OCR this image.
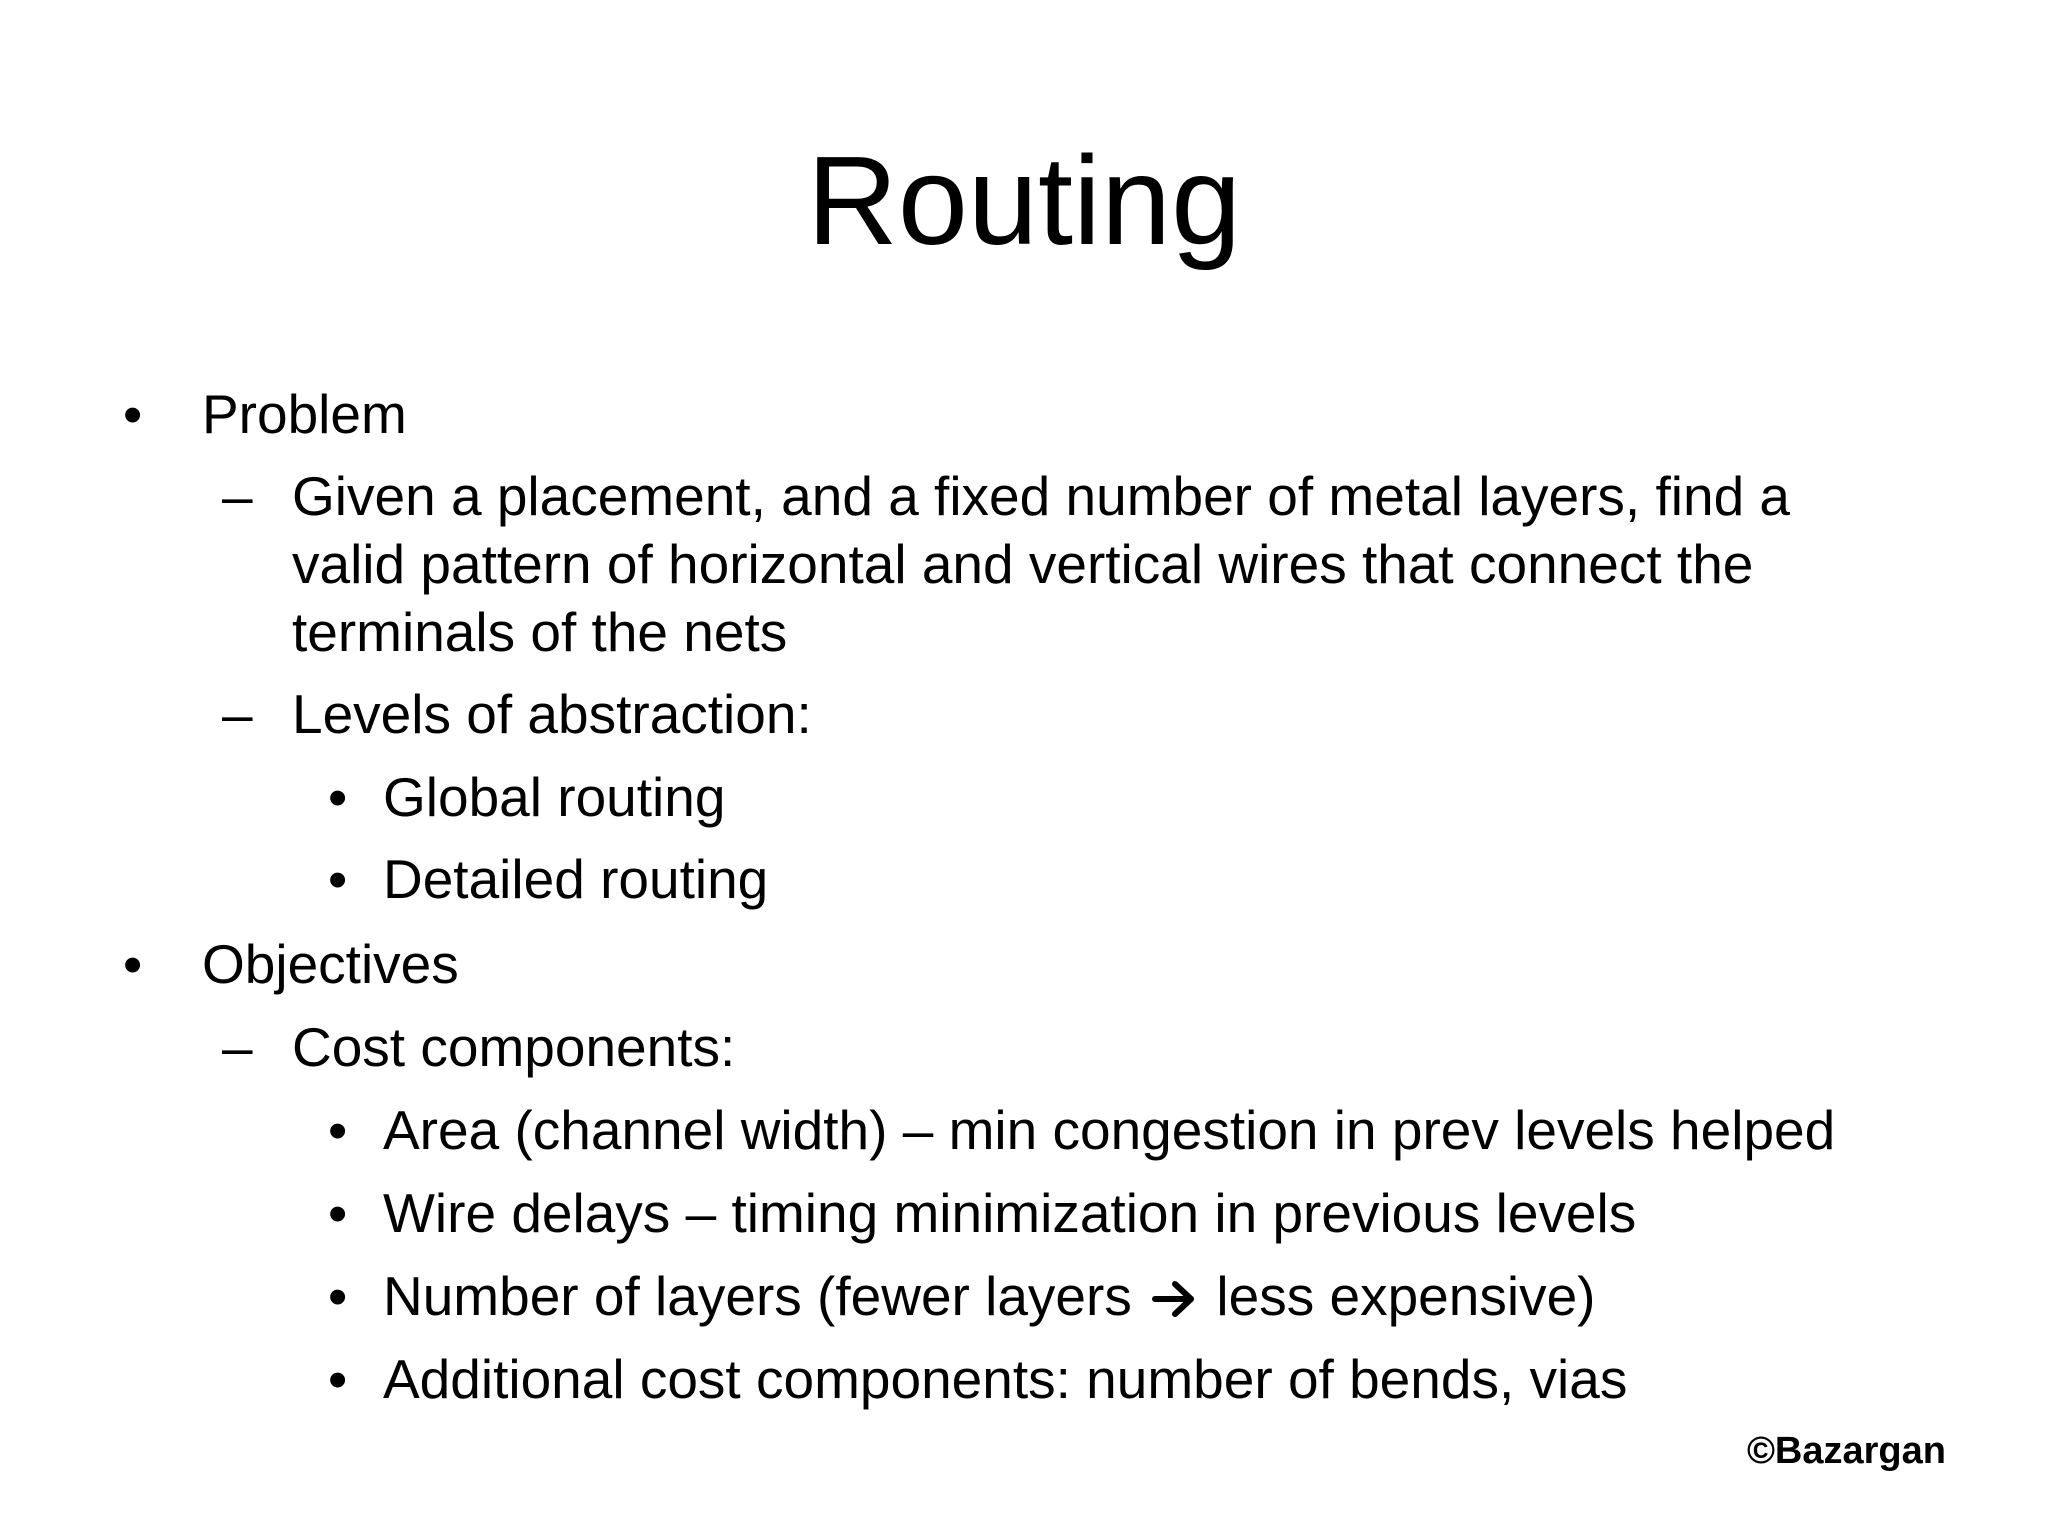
Routing
• Problem
– Given a placement, and a fixed number of metal layers, find a
valid pattern of horizontal and vertical wires that connect the
terminals of the nets
– Levels of abstraction:
• Global routing
• Detailed routing
• Objectives
– Cost components:
• Area (channel width) – min congestion in prev levels helped
• Wire delays – timing minimization in previous levels
• Number of layers (fewer layers less expensive)
• Additional cost components: number of bends, vias
©Bazargan
